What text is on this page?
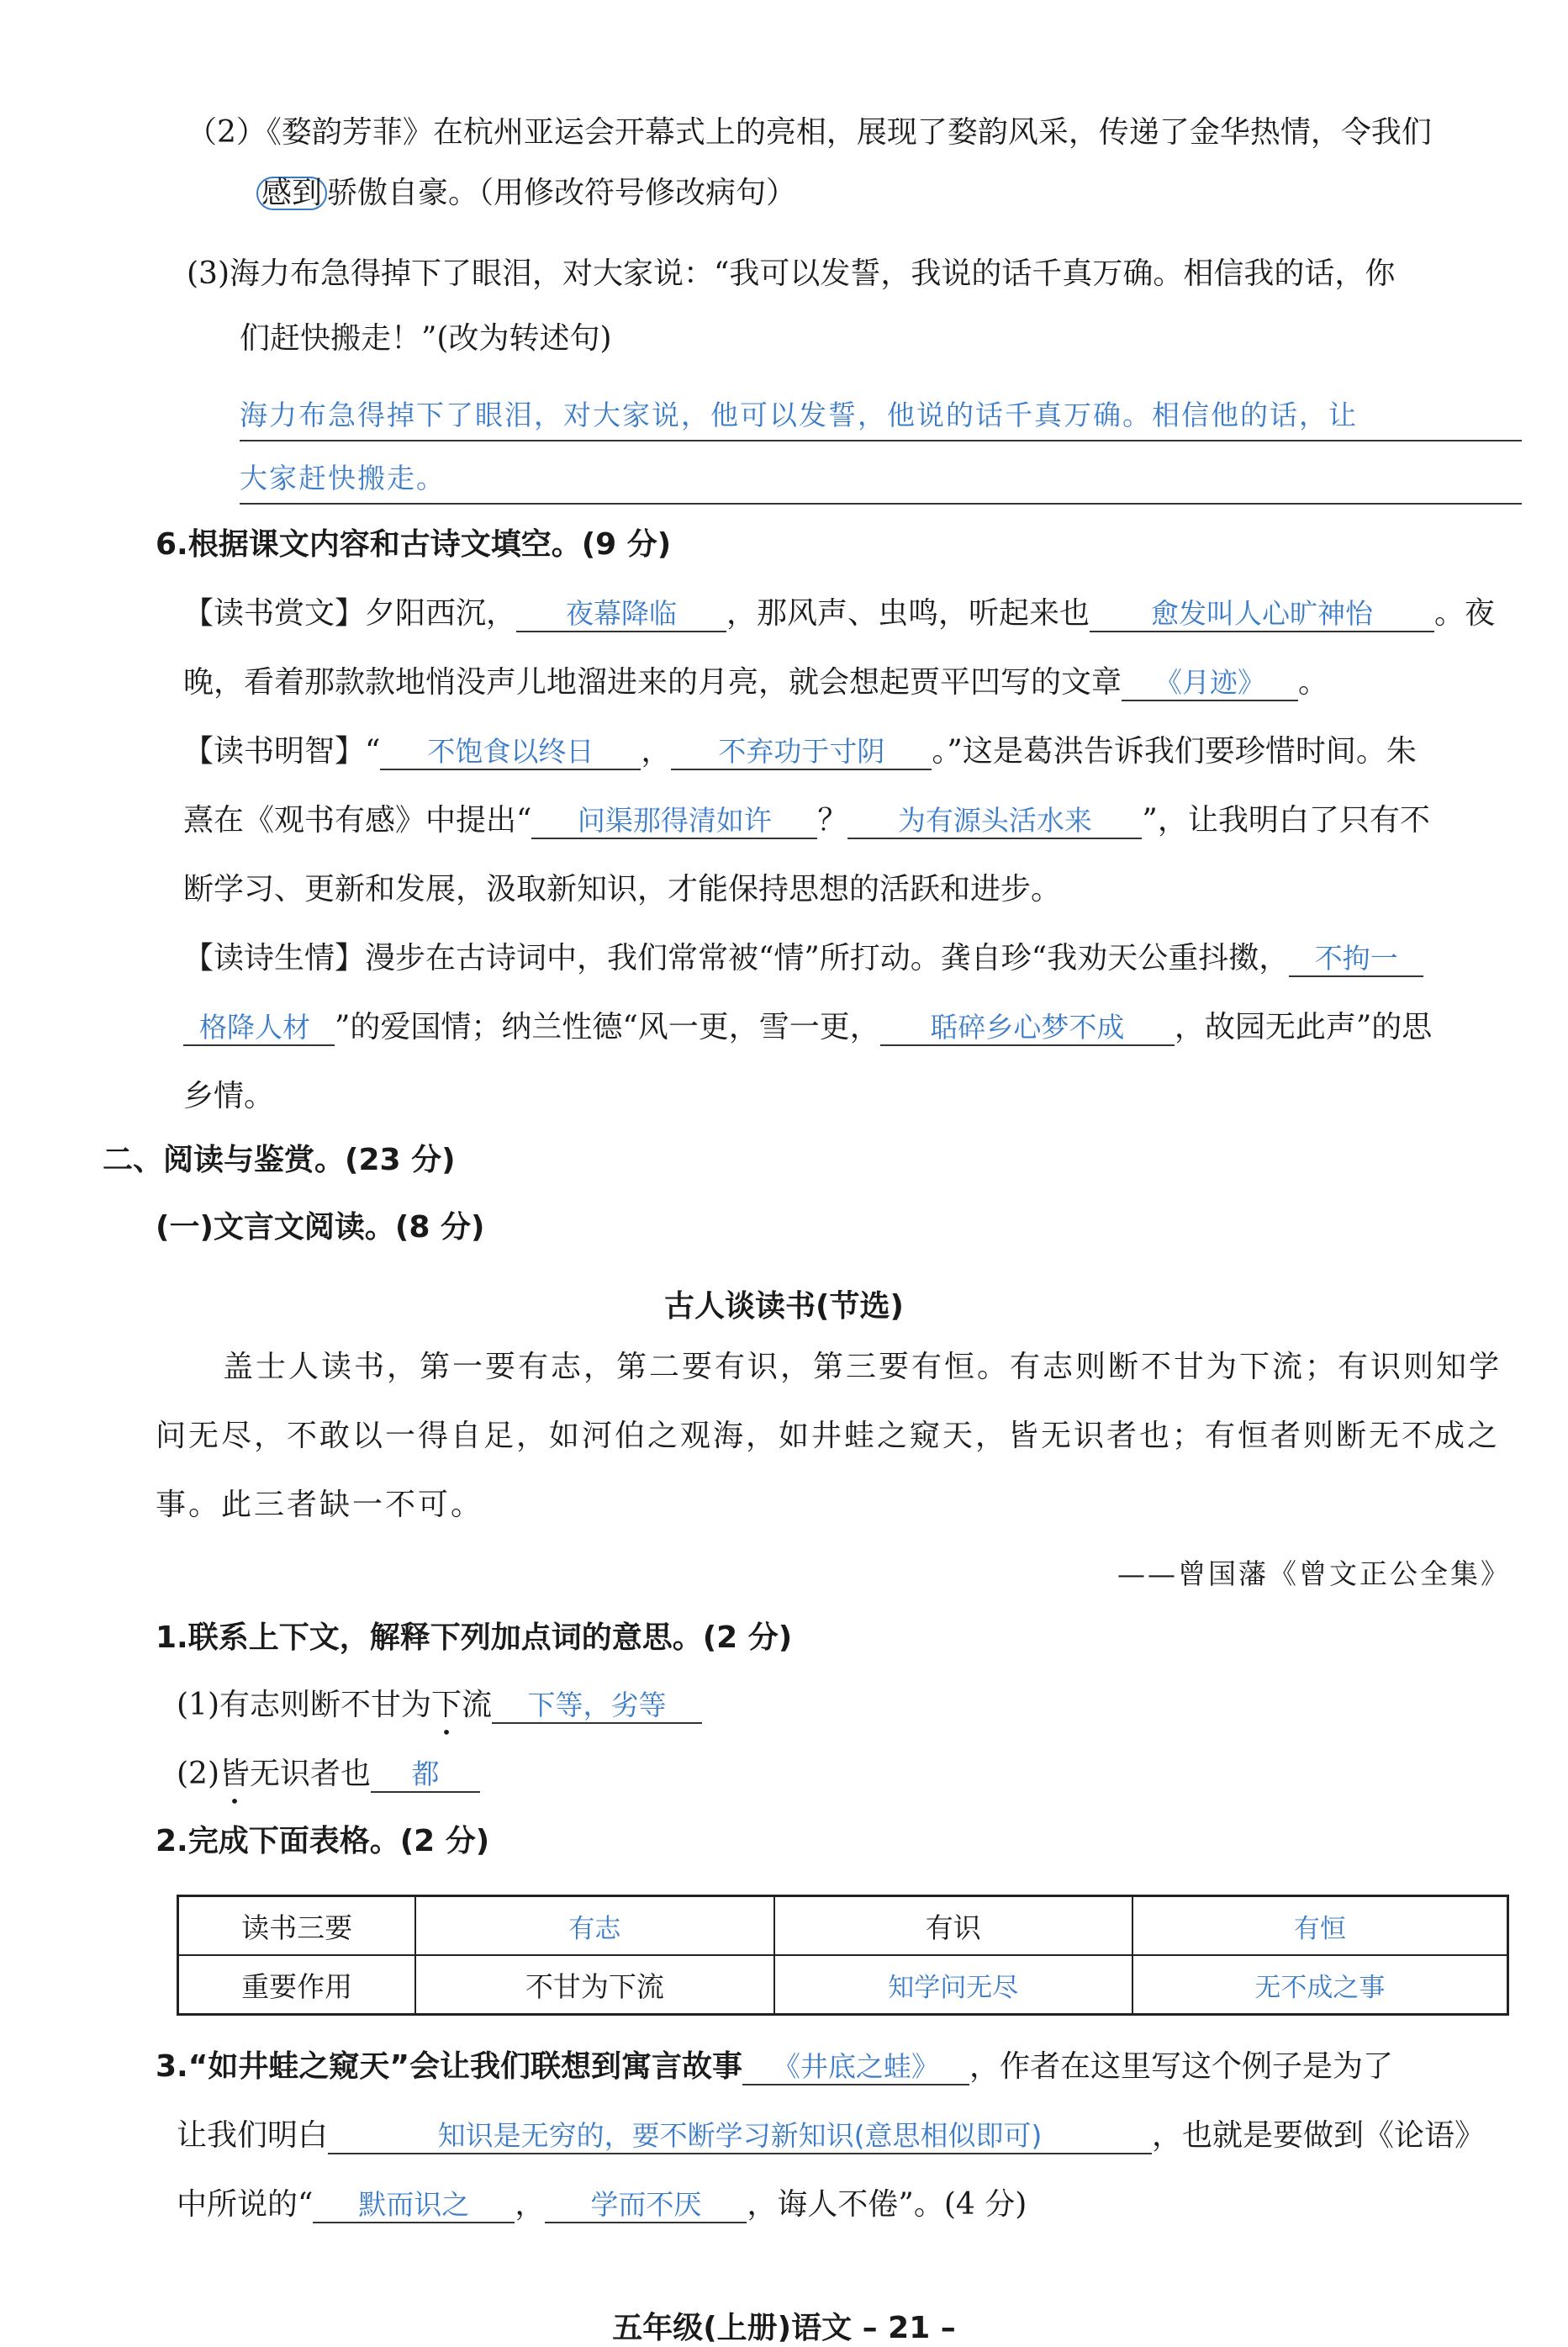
（2）《婺韵芳菲》在杭州亚运会开幕式上的亮相，展现了婺韵风采，传递了金华热情，令我们
感到 骄傲自豪。（用修改符号修改病句）
(3)海力布急得掉下了眼泪，对大家说：“我可以发誓，我说的话千真万确。相信我的话，你
们赶快搬走！”(改为转述句)
海力布急得掉下了眼泪，对大家说，他可以发誓，他说的话千真万确。相信他的话，让
大家赶快搬走。
6.根据课文内容和古诗文填空。(9 分)
【读书赏文】夕阳西沉， 夜幕降临 ，那风声、虫鸣，听起来也 愈发叫人心旷神怡 。夜
晚，看着那款款地悄没声儿地溜进来的月亮，就会想起贾平凹写的文章 《月迹》 。
【读书明智】“ 不饱食以终日 ， 不弃功于寸阴 。”这是葛洪告诉我们要珍惜时间。朱
熹在《观书有感》中提出“ 问渠那得清如许 ？ 为有源头活水来 ”，让我明白了只有不
断学习、更新和发展，汲取新知识，才能保持思想的活跃和进步。
【读诗生情】漫步在古诗词中，我们常常被“情”所打动。龚自珍“我劝天公重抖擞， 不拘一
格降人材 ”的爱国情；纳兰性德“风一更，雪一更， 聒碎乡心梦不成 ，故园无此声”的思
乡情。
二、阅读与鉴赏。(23 分)
(一)文言文阅读。(8 分)
古人谈读书(节选)
盖士人读书，第一要有志，第二要有识，第三要有恒。有志则断不甘为下流；有识则知学
问无尽，不敢以一得自足，如河伯之观海，如井蛙之窥天，皆无识者也；有恒者则断无不成之
事。此三者缺一不可。
——曾国藩《曾文正公全集》
1.联系上下文，解释下列加点词的意思。(2 分)
(1)有志则断不甘为下流 下等，劣等
(2)皆无识者也 都
2.完成下面表格。(2 分)
读书三要	有志	有识	有恒
重要作用	不甘为下流	知学问无尽	无不成之事
3.“如井蛙之窥天”会让我们联想到寓言故事 《井底之蛙》 ，作者在这里写这个例子是为了
让我们明白	知识是无穷的，要不断学习新知识(意思相似即可)	，也就是要做到《论语》
中所说的“ 默而识之 ， 学而不厌 ，诲人不倦”。(4 分)
五年级(上册)语文 – 21 –
